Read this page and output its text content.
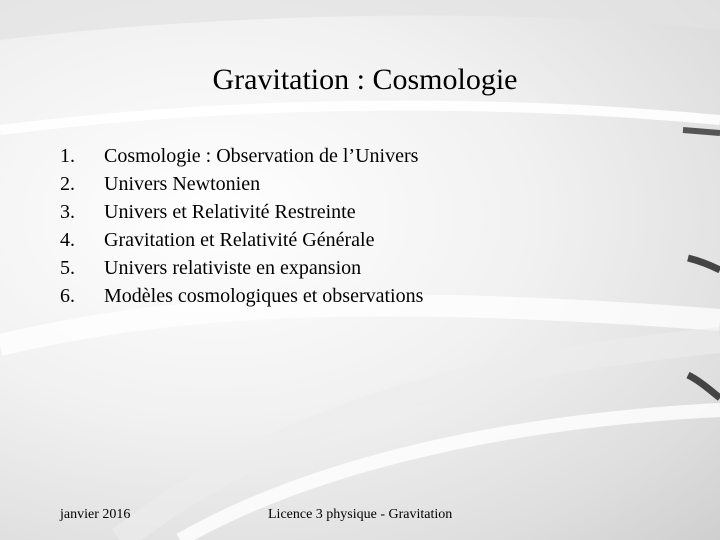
Gravitation : Cosmologie
1.	Cosmologie : Observation de l’Univers
2.	Univers Newtonien
3.	Univers et Relativité Restreinte
4.	Gravitation et Relativité Générale
5.	Univers relativiste en expansion
6.	Modèles cosmologiques et observations
janvier 2016	Licence 3 physique - Gravitation
